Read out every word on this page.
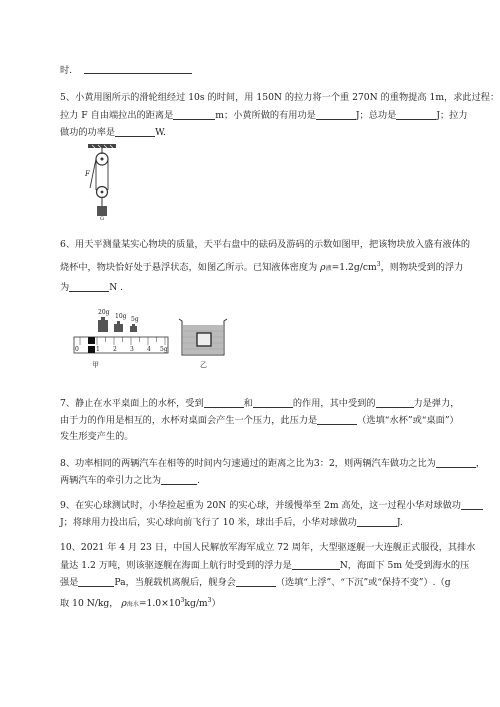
时.
5、小黄用图所示的滑轮组经过 10s 的时间，用 150N 的拉力将一个重 270N 的重物提高 1m，求此过程：
拉力 F 自由端拉出的距离是	m；小黄所做的有用功是	J；总功是	J；拉力
做功的功率是	W.
F
G
6、用天平测量某实心物块的质量，天平右盘中的砝码及游码的示数如图甲，把该物块放入盛有液体的
烧杯中，物块恰好处于悬浮状态，如图乙所示。已知液体密度为 ρ液$=1.2g/cm^3$，则物块受到的浮力
为	N .
20g
10g 5g
0	1 2 3 4 5g
甲	乙
7、静止在水平桌面上的水杯，受到	和	的作用，其中受到的	力是弹力，
由于力的作用是相互的，水杯对桌面会产生一个压力，此压力是	（选填“水杯”或“桌面”）
发生形变产生的。
8、功率相同的两辆汽车在相等的时间内匀速通过的距离之比为3：2，则两辆汽车做功之比为	，
两辆汽车的牵引力之比为	.
9、在实心球测试时，小华捡起重为 20N 的实心球，并缓慢举至 2m 高处，这一过程小华对球做功
J；将球用力投出后，实心球向前飞行了 10 米，球出手后，小华对球做功	J.
10、2021 年 4 月 23 日，中国人民解放军海军成立 72 周年，大型驱逐舰一大连舰正式服役，其排水
量达 1.2 万吨，则该驱逐舰在海面上航行时受到的浮力是	N，海面下 5m 处受到海水的压
强是	Pa，当舰载机离舰后，舰身会	（选填“上浮”、“下沉”或“保持不变”）.（g
取 10 N/kg， ρ海水$=1.0\times 10^3kg/m^3$）
